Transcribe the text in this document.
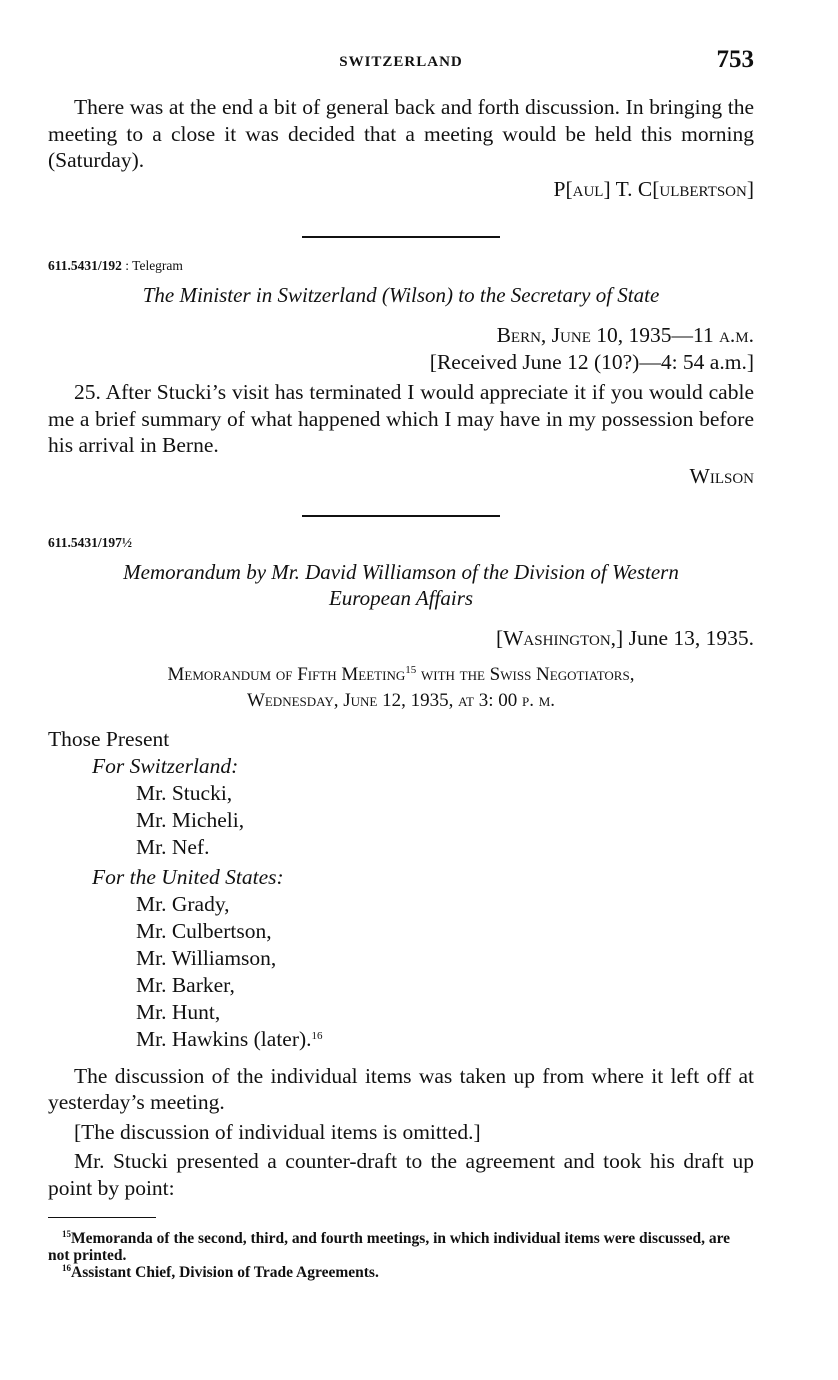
SWITZERLAND	753

There was at the end a bit of general back and forth discussion. In bringing the meeting to a close it was decided that a meeting would be held this morning (Saturday).

P[aul] T. C[ulbertson]

611.5431/192 : Telegram

The Minister in Switzerland (Wilson) to the Secretary of State

Bern, June 10, 1935—11 a.m.

[Received June 12 (10?)—4: 54 a.m.]

25. After Stucki’s visit has terminated I would appreciate it if you would cable me a brief summary of what happened which I may have in my possession before his arrival in Berne.

Wilson

611.5431/197½

Memorandum by Mr. David Williamson of the Division of Western

European Affairs

[Washington,] June 13, 1935.

Memorandum of Fifth Meeting$^{15}$ with the Swiss Negotiators,

Wednesday, June 12, 1935, at 3: 00 p. m.

Those Present
For Switzerland:
Mr. Stucki,
Mr. Micheli,
Mr. Nef.
For the United States:
Mr. Grady,
Mr. Culbertson,
Mr. Williamson,
Mr. Barker,
Mr. Hunt,
Mr. Hawkins (later).$^{16}$

The discussion of the individual items was taken up from where it left off at yesterday’s meeting.

[The discussion of individual items is omitted.]

Mr. Stucki presented a counter-draft to the agreement and took his draft up point by point:

$^{15}$Memoranda of the second, third, and fourth meetings, in which individual items were discussed, are not printed.

$^{16}$Assistant Chief, Division of Trade Agreements.
